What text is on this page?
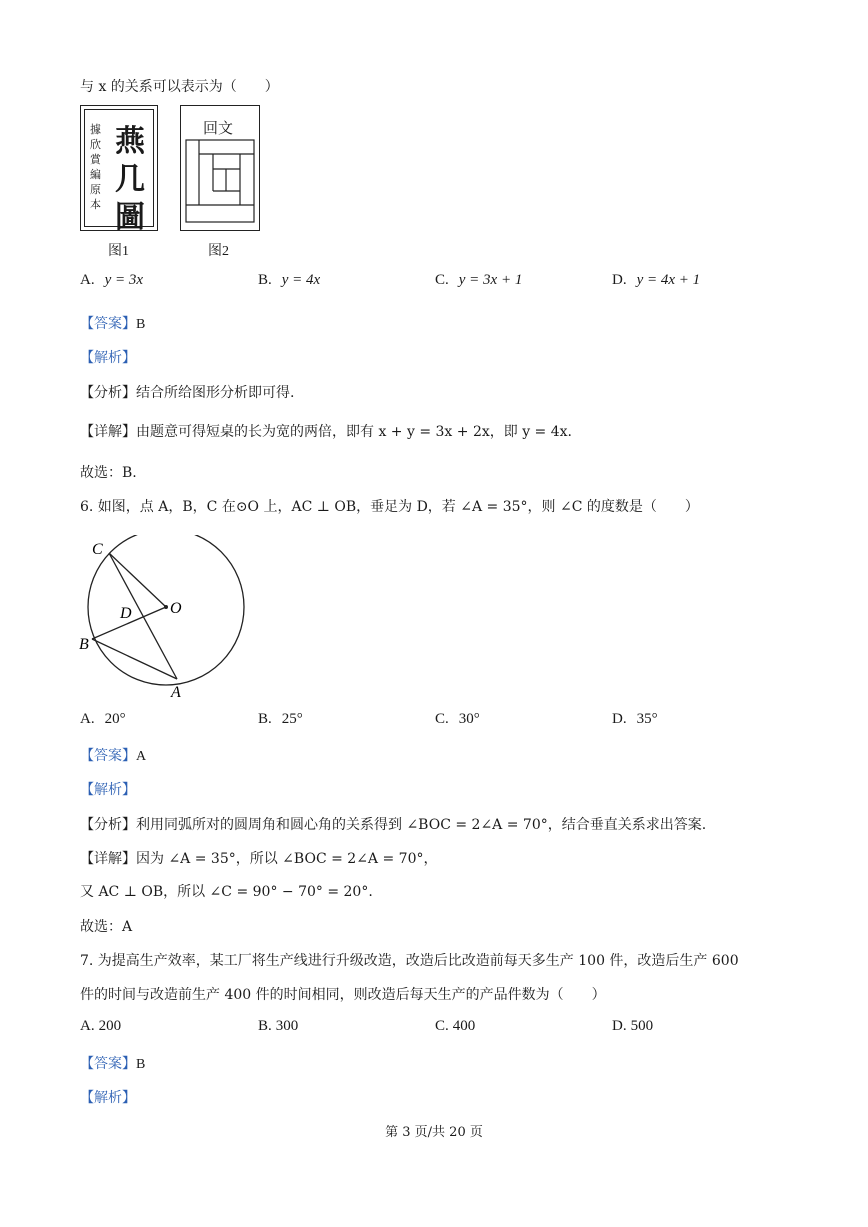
与 x 的关系可以表示为（　　）
據欣賞編原本
燕
几
圖
图1
回文
图2
A. y = 3x	B. y = 4x	C. y = 3x + 1	D. y = 4x + 1
【答案】B
【解析】
【分析】结合所给图形分析即可得.
【详解】由题意可得短桌的长为宽的两倍，即有 x + y = 3x + 2x，即 y = 4x.
故选：B.
6. 如图，点 A，B，C 在⊙O 上，AC ⊥ OB，垂足为 D，若 ∠A = 35°，则 ∠C 的度数是（　　）
C
O
D
B
A
A. 20°	B. 25°	C. 30°	D. 35°
【答案】A
【解析】
【分析】利用同弧所对的圆周角和圆心角的关系得到 ∠BOC = 2∠A = 70°，结合垂直关系求出答案.
【详解】因为 ∠A = 35°，所以 ∠BOC = 2∠A = 70°，
又 AC ⊥ OB，所以 ∠C = 90° − 70° = 20°.
故选：A
7. 为提高生产效率，某工厂将生产线进行升级改造，改造后比改造前每天多生产 100 件，改造后生产 600
件的时间与改造前生产 400 件的时间相同，则改造后每天生产的产品件数为（　　）
A. 200	B. 300	C. 400	D. 500
【答案】B
【解析】
第 3 页/共 20 页
